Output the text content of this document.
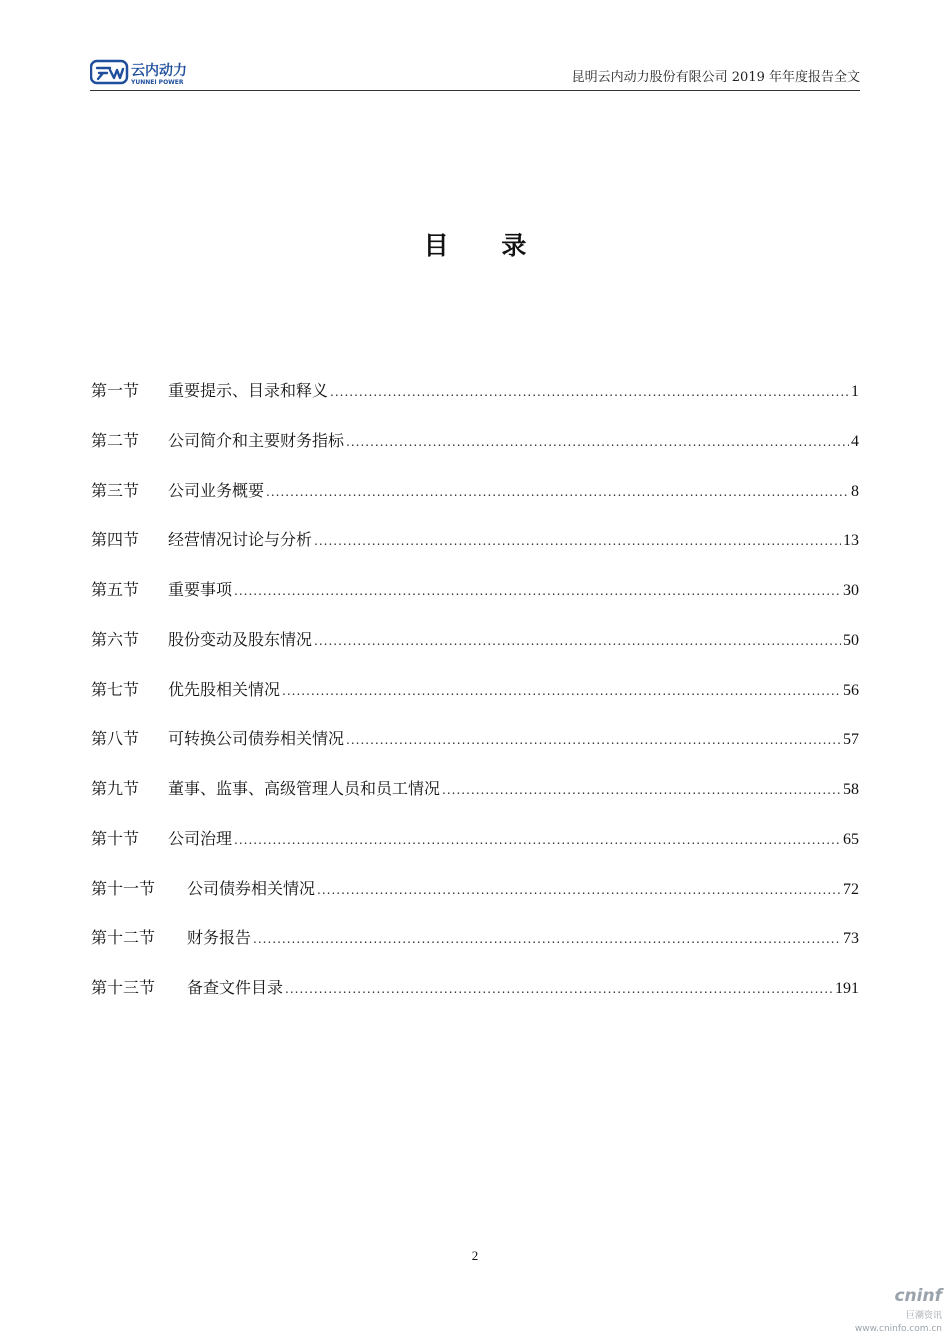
云内动力
YUNNEI POWER	昆明云内动力股份有限公司 2019 年年度报告全文
目 录
第一节	重要提示、目录和释义 .....	1
第二节	公司简介和主要财务指标 .....	4
第三节	公司业务概要 .....	8
第四节	经营情况讨论与分析 .....	13
第五节	重要事项 .....	30
第六节	股份变动及股东情况 .....	50
第七节	优先股相关情况 .....	56
第八节	可转换公司债券相关情况 .....	57
第九节	董事、监事、高级管理人员和员工情况 .....	58
第十节	公司治理 .....	65
第十一节	公司债券相关情况 .....	72
第十二节	财务报告 .....	73
第十三节	备查文件目录 .....	191
2
cninf
巨潮资讯
www.cninfo.com.cn
